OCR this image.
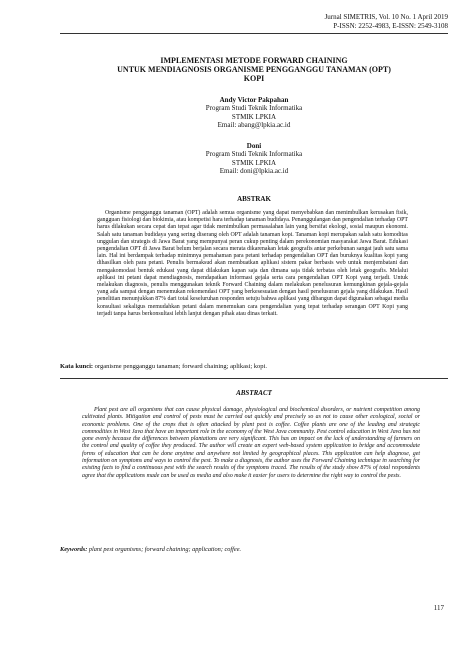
Jurnal SIMETRIS, Vol. 10 No. 1 April 2019
P-ISSN: 2252-4983, E-ISSN: 2549-3108
IMPLEMENTASI METODE FORWARD CHAINING
UNTUK MENDIAGNOSIS ORGANISME PENGGANGGU TANAMAN (OPT)
KOPI
Andy Victor Pakpahan
Program Studi Teknik Informatika
STMIK LPKIA
Email: abang@lpkia.ac.id
Doni
Program Studi Teknik Informatika
STMIK LPKIA
Email: doni@lpkia.ac.id
ABSTRAK
Organisme pengganggu tanaman (OPT) adalah semua organisme yang dapat menyebabkan dan menimbulkan kerusakan fisik, gangguan fisiologi dan biokimia, atau kompetisi hara terhadap tanaman budidaya. Penanggulangan dan pengendalian terhadap OPT harus dilakukan secara cepat dan tepat agar tidak menimbulkan permasalahan lain yang bersifat ekologi, sosial maupun ekonomi. Salah satu tanaman budidaya yang sering diserang oleh OPT adalah tanaman kopi. Tanaman kopi merupakan salah satu komoditas unggulan dan strategis di Jawa Barat yang mempunyai peran cukup penting dalam perekonomian masyarakat Jawa Barat. Edukasi pengendalian OPT di Jawa Barat belum berjalan secara merata dikarenakan letak geografis antar perkebunan sangat jauh satu sama lain. Hal ini berdampak terhadap minimnya pemahaman para petani terhadap pengendalian OPT dan buruknya kualitas kopi yang dihasilkan oleh para petani. Penulis bermaksud akan membuatkan aplikasi sistem pakar berbasis web untuk menjembatani dan mengakomodasi bentuk edukasi yang dapat dilakukan kapan saja dan dimana saja tidak terbatas oleh letak geografis. Melalui aplikasi ini petani dapat mendiagnosis, mendapatkan informasi gejala serta cara pengendalian OPT Kopi yang terjadi. Untuk melakukan diagnosis, penulis menggunakan teknik Forward Chaining dalam melakukan penelusuran kemungkinan gejala-gejala yang ada sampai dengan menemukan rekomendasi OPT yang berkesesuaian dengan hasil penelusuran gejala yang dilakukan. Hasil penelitian menunjukkan 87% dari total keseluruhan responden setuju bahwa aplikasi yang dibangun dapat digunakan sebagai media konsultasi sekaligus memudahkan petani dalam menemukan cara pengendalian yang tepat terhadap serangan OPT Kopi yang terjadi tanpa harus berkonsultasi lebih lanjut dengan pihak atau dinas terkait.
Kata kunci: organisme pengganggu tanaman; forward chaining; aplikasi; kopi.
ABSTRACT
Plant pest are all organisms that can cause physical damage, physiological and biochemical disorders, or nutrient competition among cultivated plants. Mitigation and control of pests must be carried out quickly and precisely so as not to cause other ecological, social or economic problems. One of the crops that is often attacked by plant pest is coffee. Coffee plants are one of the leading and strategic commodities in West Java that have an important role in the economy of the West Java community. Pest control education in West Java has not gone evenly because the differences between plantations are very significant. This has an impact on the lack of understanding of farmers on the control and quality of coffee they produced. The author will create an expert web-based system application to bridge and accommodate forms of education that can be done anytime and anywhere not limited by geographical places. This application can help diagnose, get information on symptoms and ways to control the pest. To make a diagnosis, the author uses the Forward Chaining technique in searching for existing facts to find a continuous pest with the search results of the symptoms traced. The results of the study show 87% of total respondents agree that the applications made can be used as media and also make it easier for users to determine the right way to control the pests.
Keywords: plant pest organisms; forward chaining; application; coffee.
117
